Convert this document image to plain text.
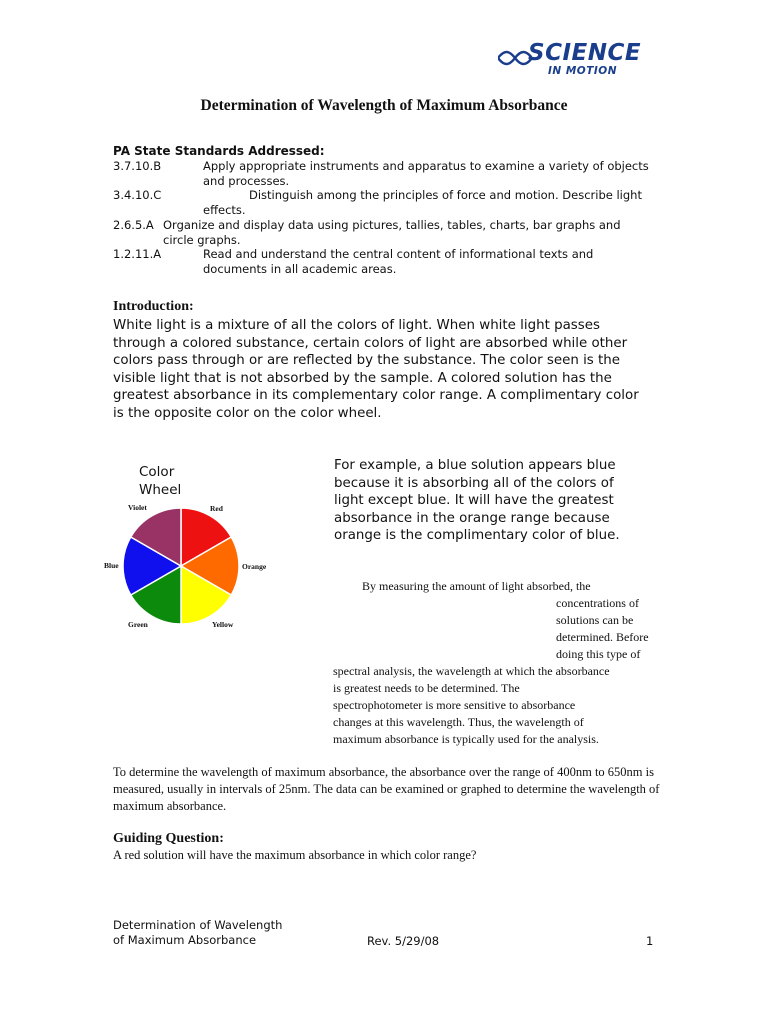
SCIENCE
IN MOTION
Determination of Wavelength of Maximum Absorbance
PA State Standards Addressed:
3.7.10.B	Apply appropriate instruments and apparatus to examine a variety of objects and processes.
3.4.10.C	Distinguish among the principles of force and motion. Describe light effects.
2.6.5.A Organize and display data using pictures, tallies, tables, charts, bar graphs and circle graphs.
1.2.11.A	Read and understand the central content of informational texts and documents in all academic areas.
Introduction:
White light is a mixture of all the colors of light. When white light passes through a colored substance, certain colors of light are absorbed while other colors pass through or are reflected by the substance. The color seen is the visible light that is not absorbed by the sample. A colored solution has the greatest absorbance in its complementary color range. A complimentary color is the opposite color on the color wheel.
Color Wheel
Red
Orange
Yellow
Green
Blue
Violet
For example, a blue solution appears blue because it is absorbing all of the colors of light except blue. It will have the greatest absorbance in the orange range because orange is the complimentary color of blue.
By measuring the amount of light absorbed, the
concentrations of
solutions can be
determined. Before
doing this type of
spectral analysis, the wavelength at which the absorbance
is greatest needs to be determined. The
spectrophotometer is more sensitive to absorbance
changes at this wavelength. Thus, the wavelength of
maximum absorbance is typically used for the analysis.
To determine the wavelength of maximum absorbance, the absorbance over the range of 400nm to 650nm is measured, usually in intervals of 25nm. The data can be examined or graphed to determine the wavelength of maximum absorbance.
Guiding Question:
A red solution will have the maximum absorbance in which color range?
Determination of Wavelength
of Maximum Absorbance	Rev. 5/29/08	1
